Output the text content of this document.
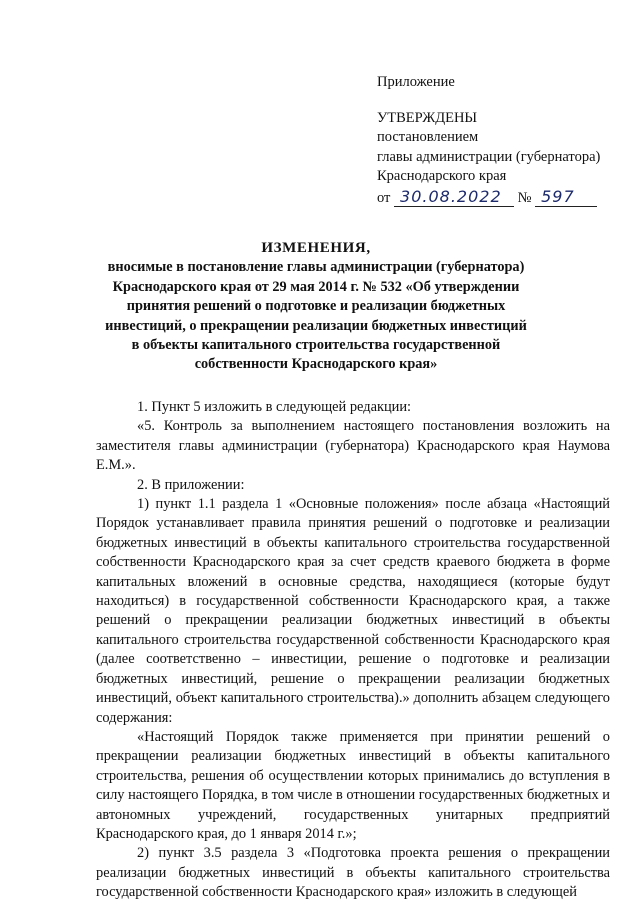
Приложение
УТВЕРЖДЕНЫ
постановлением
главы администрации (губернатора)
Краснодарского края
от 30.08.2022 № 597
ИЗМЕНЕНИЯ,
вносимые в постановление главы администрации (губернатора)
Краснодарского края от 29 мая 2014 г. № 532 «Об утверждении
принятия решений о подготовке и реализации бюджетных
инвестиций, о прекращении реализации бюджетных инвестиций
в объекты капитального строительства государственной
собственности Краснодарского края»

1. Пункт 5 изложить в следующей редакции:

«5. Контроль за выполнением настоящего постановления возложить на заместителя главы администрации (губернатора) Краснодарского края Наумова Е.М.».

2. В приложении:

1) пункт 1.1 раздела 1 «Основные положения» после абзаца «Настоящий Порядок устанавливает правила принятия решений о подготовке и реализации бюджетных инвестиций в объекты капитального строительства государственной собственности Краснодарского края за счет средств краевого бюджета в форме капитальных вложений в основные средства, находящиеся (которые будут находиться) в государственной собственности Краснодарского края, а также решений о прекращении реализации бюджетных инвестиций в объекты капитального строительства государственной собственности Краснодарского края (далее соответственно – инвестиции, решение о подготовке и реализации бюджетных инвестиций, решение о прекращении реализации бюджетных инвестиций, объект капитального строительства).» дополнить абзацем следующего содержания:

«Настоящий Порядок также применяется при принятии решений о прекращении реализации бюджетных инвестиций в объекты капитального строительства, решения об осуществлении которых принимались до вступления в силу настоящего Порядка, в том числе в отношении государственных бюджетных и автономных учреждений, государственных унитарных предприятий Краснодарского края, до 1 января 2014 г.»;

2) пункт 3.5 раздела 3 «Подготовка проекта решения о прекращении реализации бюджетных инвестиций в объекты капитального строительства государственной собственности Краснодарского края» изложить в следующей
